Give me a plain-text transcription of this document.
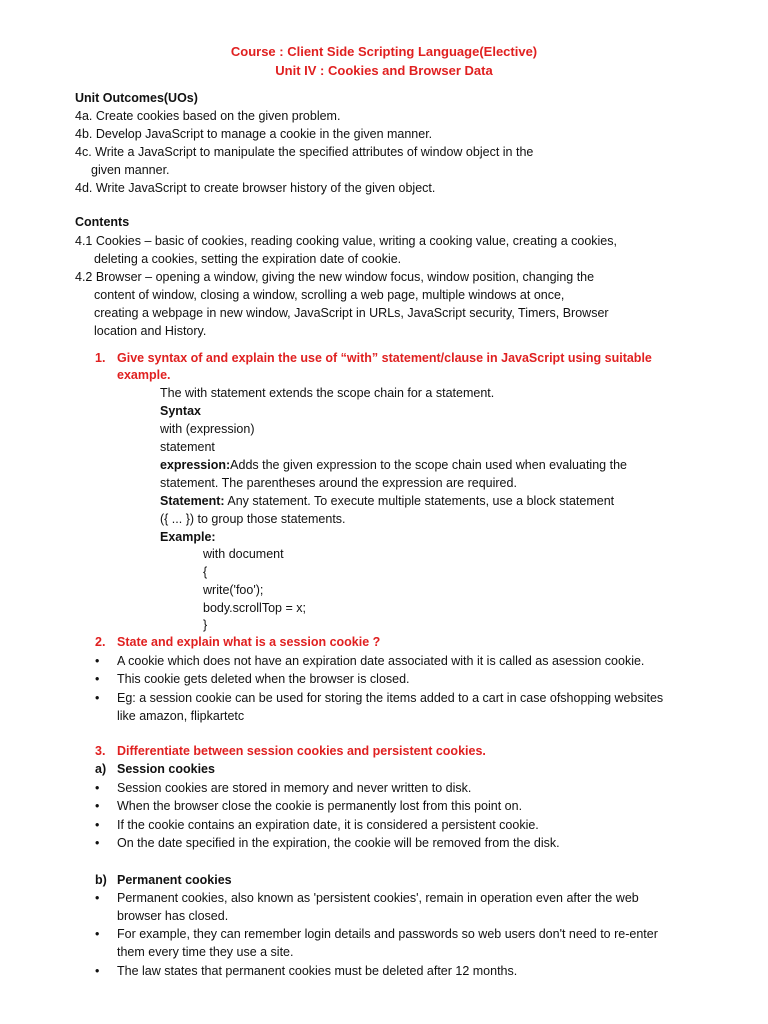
Course : Client Side Scripting Language(Elective)
Unit IV : Cookies and Browser Data
Unit Outcomes(UOs)
4a. Create cookies based on the given problem.
4b. Develop JavaScript to manage a cookie in the given manner.
4c. Write a JavaScript to manipulate the specified attributes of window object in the
given manner.
4d. Write JavaScript to create browser history of the given object.
Contents
4.1 Cookies – basic of cookies, reading cooking value, writing a cooking value, creating a cookies,
deleting a cookies, setting the expiration date of cookie.
4.2 Browser – opening a window, giving the new window focus, window position, changing the
content of window, closing a window, scrolling a web page, multiple windows at once,
creating a webpage in new window, JavaScript in URLs, JavaScript security, Timers, Browser
location and History.
1. Give syntax of and explain the use of “with” statement/clause in JavaScript using suitable
example.
The with statement extends the scope chain for a statement.
Syntax
with (expression)
statement
expression:Adds the given expression to the scope chain used when evaluating the
statement. The parentheses around the expression are required.
Statement: Any statement. To execute multiple statements, use a block statement
({ ... }) to group those statements.
Example:
with document
{
write('foo');
body.scrollTop = x;
}
2. State and explain what is a session cookie ?
• A cookie which does not have an expiration date associated with it is called as asession cookie.
• This cookie gets deleted when the browser is closed.
• Eg: a session cookie can be used for storing the items added to a cart in case ofshopping websites
like amazon, flipkartetc
3. Differentiate between session cookies and persistent cookies.
a) Session cookies
• Session cookies are stored in memory and never written to disk.
• When the browser close the cookie is permanently lost from this point on.
• If the cookie contains an expiration date, it is considered a persistent cookie.
• On the date specified in the expiration, the cookie will be removed from the disk.
b) Permanent cookies
• Permanent cookies, also known as 'persistent cookies', remain in operation even after the web
browser has closed.
• For example, they can remember login details and passwords so web users don't need to re-enter
them every time they use a site.
• The law states that permanent cookies must be deleted after 12 months.
